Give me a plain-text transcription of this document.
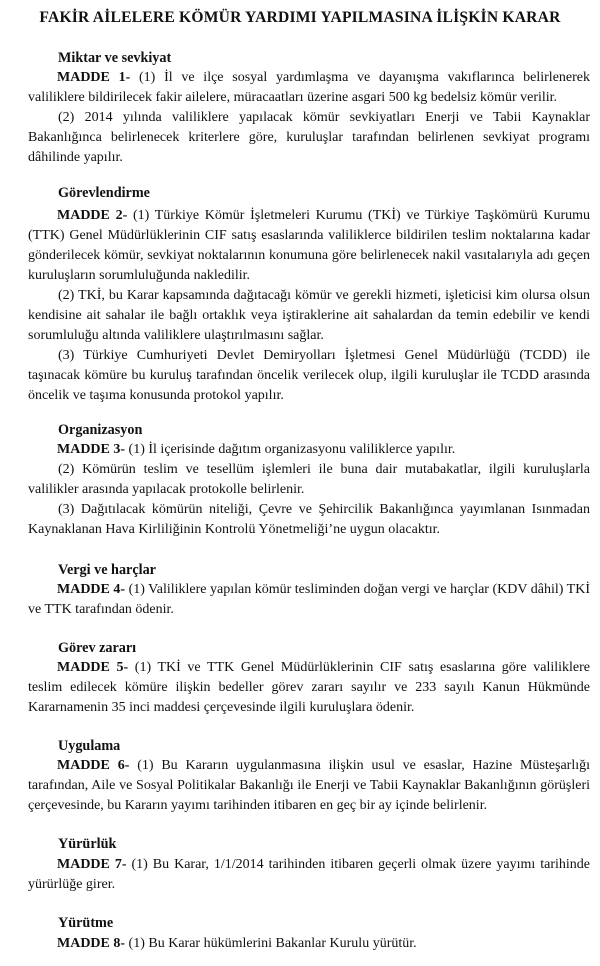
FAKİR AİLELERE KÖMÜR YARDIMI YAPILMASINA İLİŞKİN KARAR
Miktar ve sevkiyat

MADDE 1- (1) İl ve ilçe sosyal yardımlaşma ve dayanışma vakıflarınca belirlenerek valiliklere bildirilecek fakir ailelere, müracaatları üzerine asgari 500 kg bedelsiz kömür verilir.

(2) 2014 yılında valiliklere yapılacak kömür sevkiyatları Enerji ve Tabii Kaynaklar Bakanlığınca belirlenecek kriterlere göre, kuruluşlar tarafından belirlenen sevkiyat programı dâhilinde yapılır.

Görevlendirme

MADDE 2- (1) Türkiye Kömür İşletmeleri Kurumu (TKİ) ve Türkiye Taşkömürü Kurumu (TTK) Genel Müdürlüklerinin CIF satış esaslarında valiliklerce bildirilen teslim noktalarına kadar gönderilecek kömür, sevkiyat noktalarının konumuna göre belirlenecek nakil vasıtalarıyla adı geçen kuruluşların sorumluluğunda nakledilir.

(2) TKİ, bu Karar kapsamında dağıtacağı kömür ve gerekli hizmeti, işleticisi kim olursa olsun kendisine ait sahalar ile bağlı ortaklık veya iştiraklerine ait sahalardan da temin edebilir ve kendi sorumluluğu altında valiliklere ulaştırılmasını sağlar.

(3) Türkiye Cumhuriyeti Devlet Demiryolları İşletmesi Genel Müdürlüğü (TCDD) ile taşınacak kömüre bu kuruluş tarafından öncelik verilecek olup, ilgili kuruluşlar ile TCDD arasında öncelik ve taşıma konusunda protokol yapılır.

Organizasyon

MADDE 3- (1) İl içerisinde dağıtım organizasyonu valiliklerce yapılır.

(2) Kömürün teslim ve tesellüm işlemleri ile buna dair mutabakatlar, ilgili kuruluşlarla valilikler arasında yapılacak protokolle belirlenir.

(3) Dağıtılacak kömürün niteliği, Çevre ve Şehircilik Bakanlığınca yayımlanan Isınmadan Kaynaklanan Hava Kirliliğinin Kontrolü Yönetmeliği’ne uygun olacaktır.

Vergi ve harçlar

MADDE 4- (1) Valiliklere yapılan kömür tesliminden doğan vergi ve harçlar (KDV dâhil) TKİ ve TTK tarafından ödenir.

Görev zararı

MADDE 5- (1) TKİ ve TTK Genel Müdürlüklerinin CIF satış esaslarına göre valiliklere teslim edilecek kömüre ilişkin bedeller görev zararı sayılır ve 233 sayılı Kanun Hükmünde Kararnamenin 35 inci maddesi çerçevesinde ilgili kuruluşlara ödenir.

Uygulama

MADDE 6- (1) Bu Kararın uygulanmasına ilişkin usul ve esaslar, Hazine Müsteşarlığı tarafından, Aile ve Sosyal Politikalar Bakanlığı ile Enerji ve Tabii Kaynaklar Bakanlığının görüşleri çerçevesinde, bu Kararın yayımı tarihinden itibaren en geç bir ay içinde belirlenir.

Yürürlük

MADDE 7- (1) Bu Karar, 1/1/2014 tarihinden itibaren geçerli olmak üzere yayımı tarihinde yürürlüğe girer.

Yürütme

MADDE 8- (1) Bu Karar hükümlerini Bakanlar Kurulu yürütür.
